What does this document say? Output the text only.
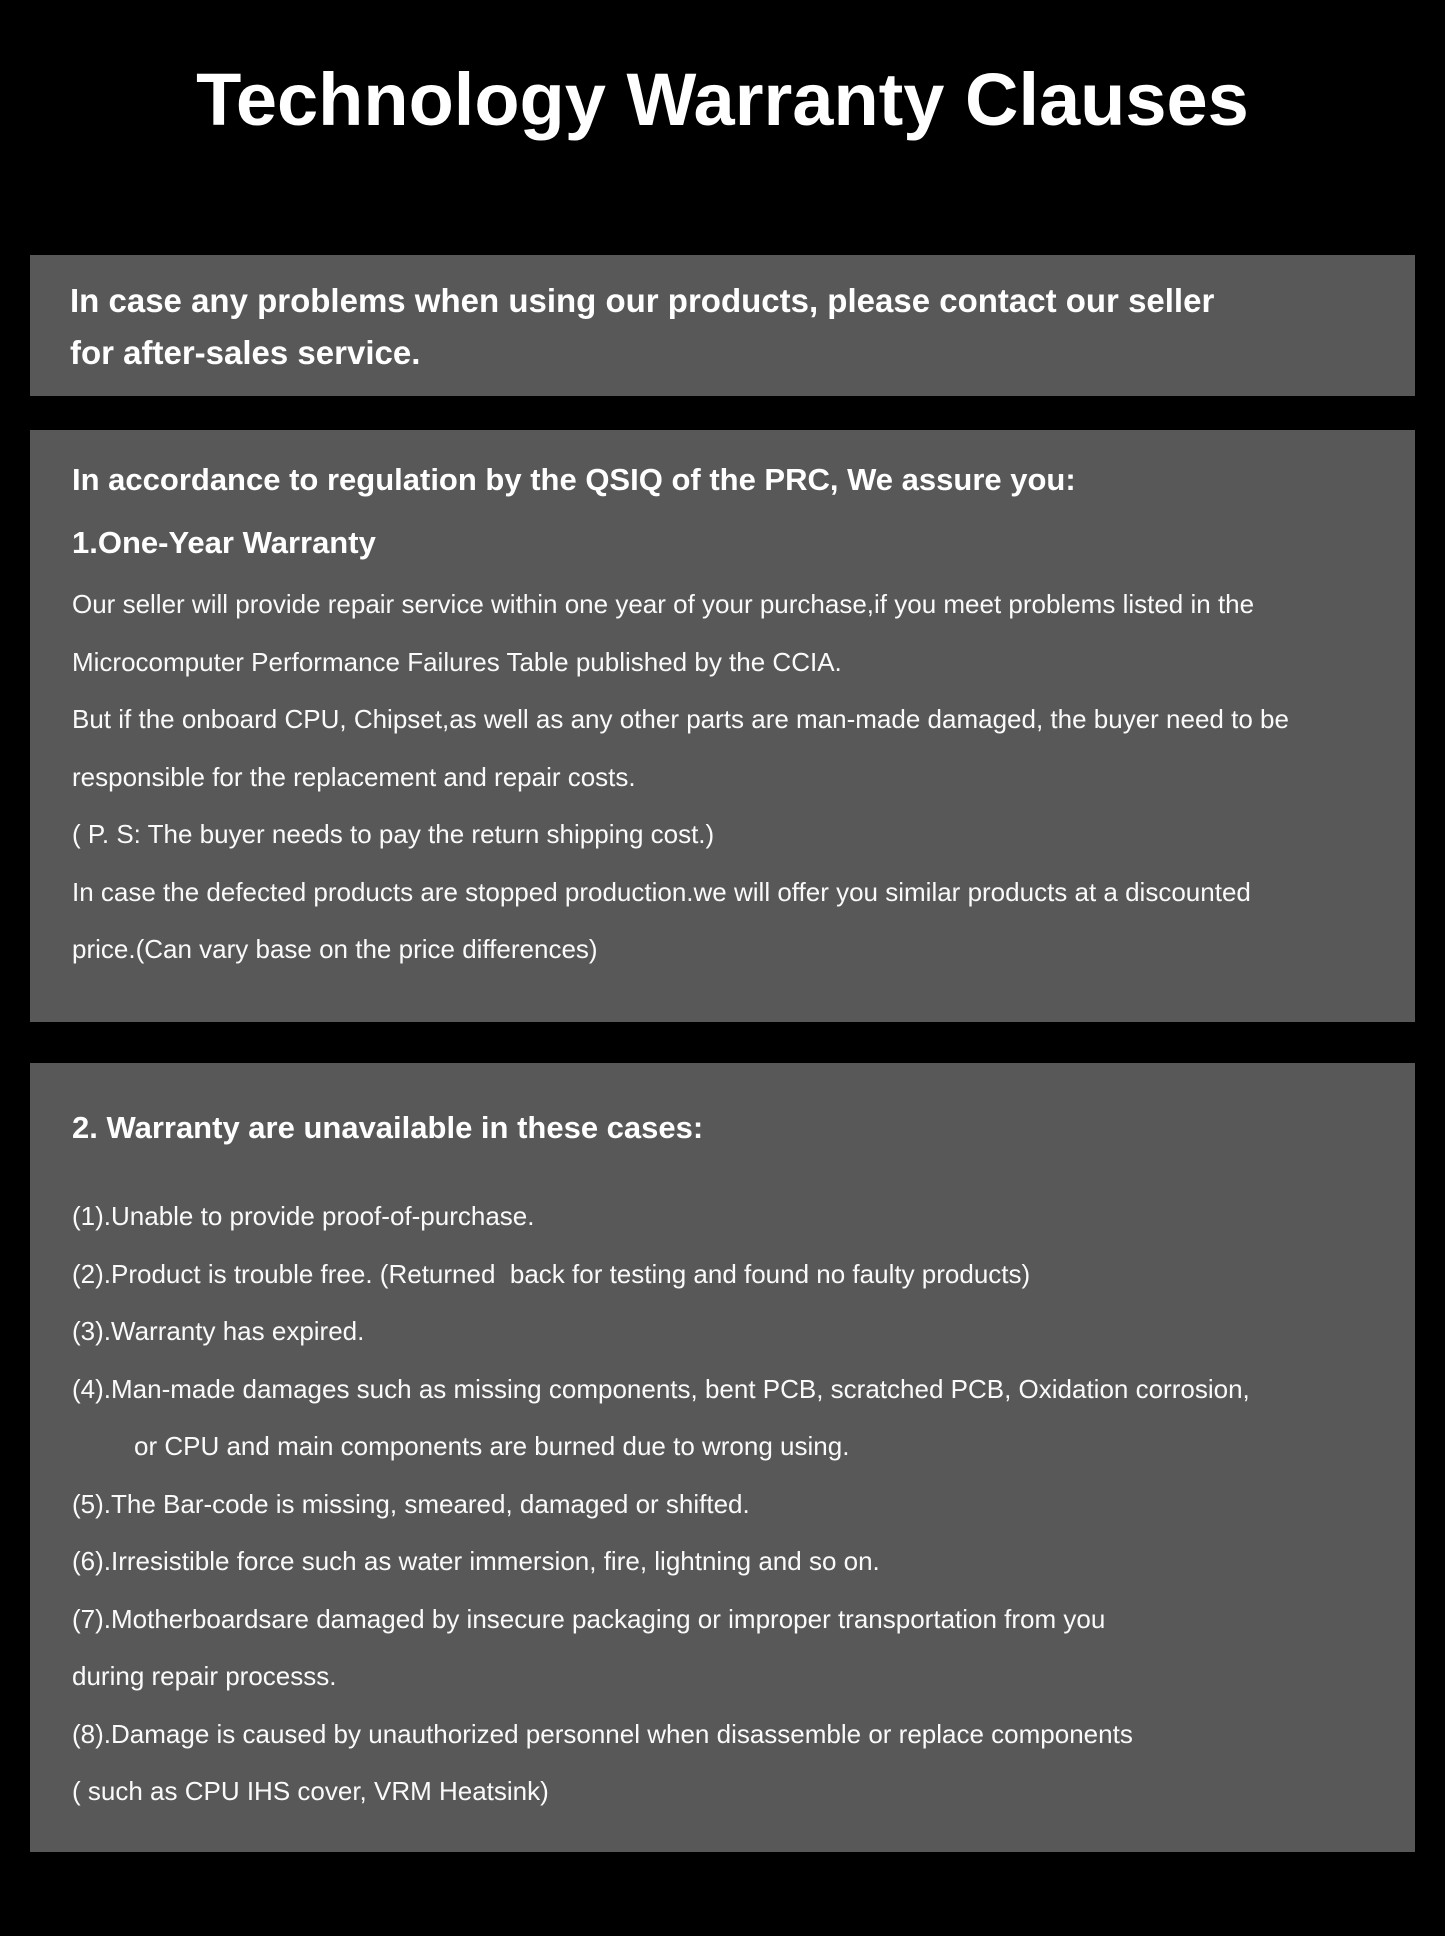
Technology Warranty Clauses
In case any problems when using our products, please contact our seller
for after-sales service.
In accordance to regulation by the QSIQ of the PRC, We assure you:
1.One-Year Warranty
Our seller will provide repair service within one year of your purchase,if you meet problems listed in the
Microcomputer Performance Failures Table published by the CCIA.
But if the onboard CPU, Chipset,as well as any other parts are man-made damaged, the buyer need to be
responsible for the replacement and repair costs.
( P. S: The buyer needs to pay the return shipping cost.)
In case the defected products are stopped production.we will offer you similar products at a discounted
price.(Can vary base on the price differences)
2. Warranty are unavailable in these cases:
(1).Unable to provide proof-of-purchase.
(2).Product is trouble free. (Returned  back for testing and found no faulty products)
(3).Warranty has expired.
(4).Man-made damages such as missing components, bent PCB, scratched PCB, Oxidation corrosion,
or CPU and main components are burned due to wrong using.
(5).The Bar-code is missing, smeared, damaged or shifted.
(6).Irresistible force such as water immersion, fire, lightning and so on.
(7).Motherboardsare damaged by insecure packaging or improper transportation from you
during repair processs.
(8).Damage is caused by unauthorized personnel when disassemble or replace components
( such as CPU IHS cover, VRM Heatsink)
